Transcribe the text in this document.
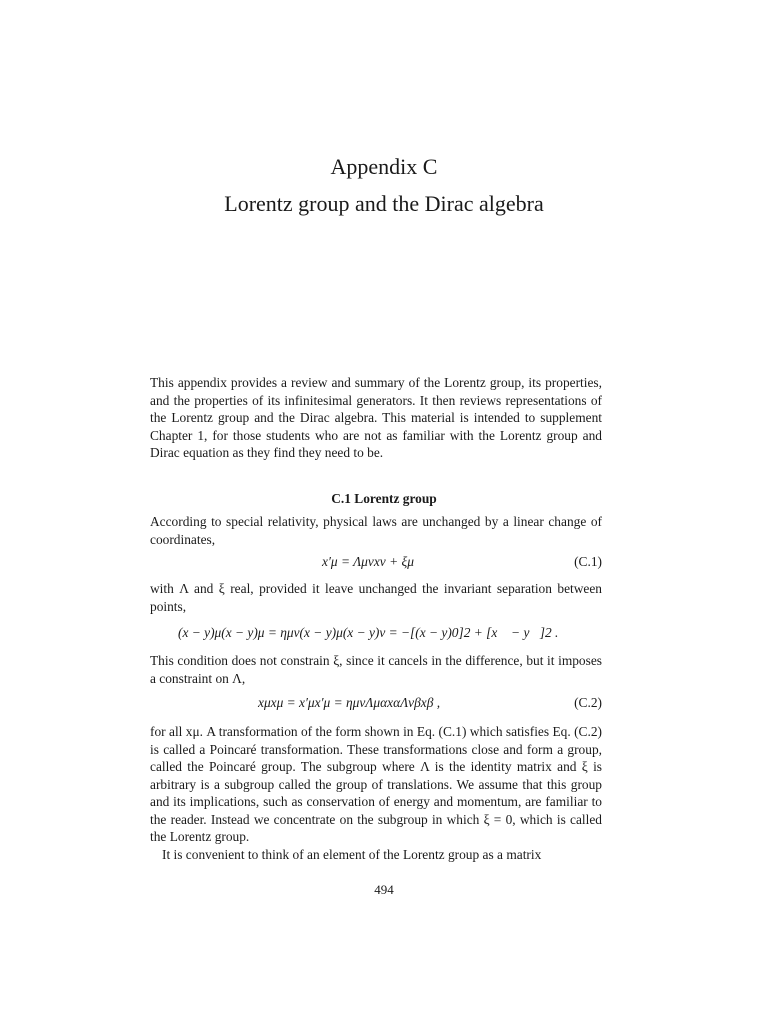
Appendix C
Lorentz group and the Dirac algebra

This appendix provides a review and summary of the Lorentz group, its properties, and the properties of its infinitesimal generators. It then reviews representations of the Lorentz group and the Dirac algebra. This material is intended to supplement Chapter 1, for those students who are not as familiar with the Lorentz group and Dirac equation as they find they need to be.

C.1 Lorentz group

According to special relativity, physical laws are unchanged by a linear change of coordinates,

x′μ = Λμνxν + ξμ	(C.1)

with Λ and ξ real, provided it leave unchanged the invariant separation between points,

(x − y)μ(x − y)μ = ημν(x − y)μ(x − y)ν = −[(x − y)0]2 + [x⃗ − y⃗]2 .

This condition does not constrain ξ, since it cancels in the difference, but it imposes a constraint on Λ,

xμxμ = x′μx′μ = ημνΛμαxαΛνβxβ ,	(C.2)

for all xμ. A transformation of the form shown in Eq. (C.1) which satisfies Eq. (C.2) is called a Poincaré transformation. These transformations close and form a group, called the Poincaré group. The subgroup where Λ is the identity matrix and ξ is arbitrary is a subgroup called the group of translations. We assume that this group and its implications, such as conservation of energy and momentum, are familiar to the reader. Instead we concentrate on the subgroup in which ξ = 0, which is called the Lorentz group.

It is convenient to think of an element of the Lorentz group as a matrix

494
